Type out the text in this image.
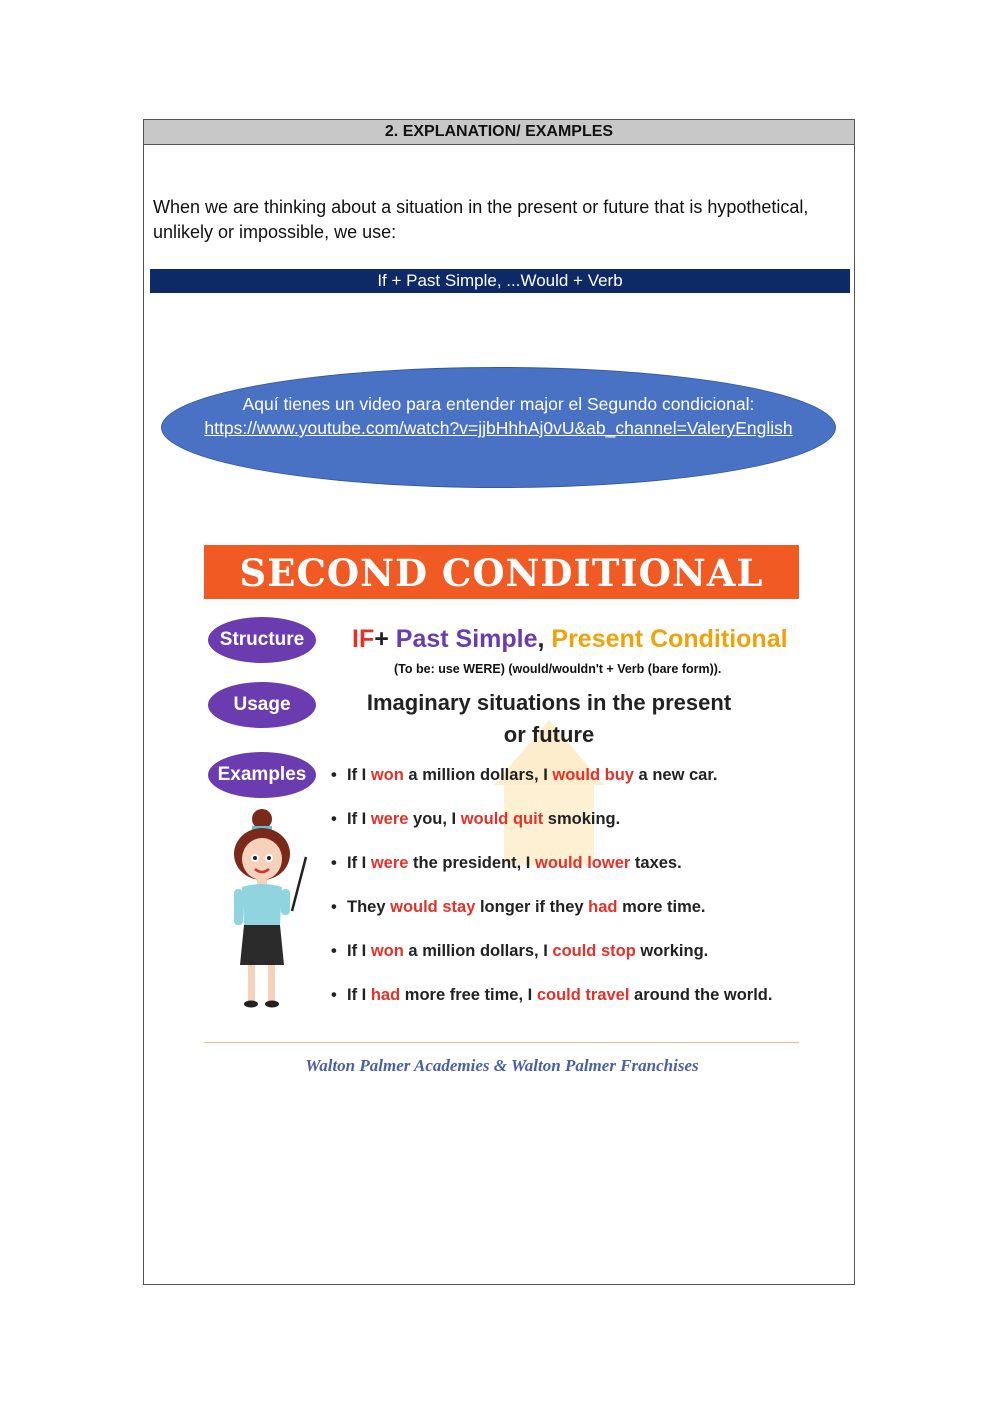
2. EXPLANATION/ EXAMPLES
When we are thinking about a situation in the present or future that is hypothetical, unlikely or impossible, we use:
If + Past Simple, ...Would + Verb
Aquí tienes un video para entender major el Segundo condicional:
https://www.youtube.com/watch?v=jjbHhhAj0vU&ab_channel=ValeryEnglish
SECOND CONDITIONAL
Structure	IF+ Past Simple, Present Conditional
(To be: use WERE) (would/wouldn't + Verb (bare form)).
Usage	Imaginary situations in the present or future
Examples	• If I won a million dollars, I would buy a new car.
• If I were you, I would quit smoking.
• If I were the president, I would lower taxes.
• They would stay longer if they had more time.
• If I won a million dollars, I could stop working.
• If I had more free time, I could travel around the world.
Walton Palmer Academies & Walton Palmer Franchises
